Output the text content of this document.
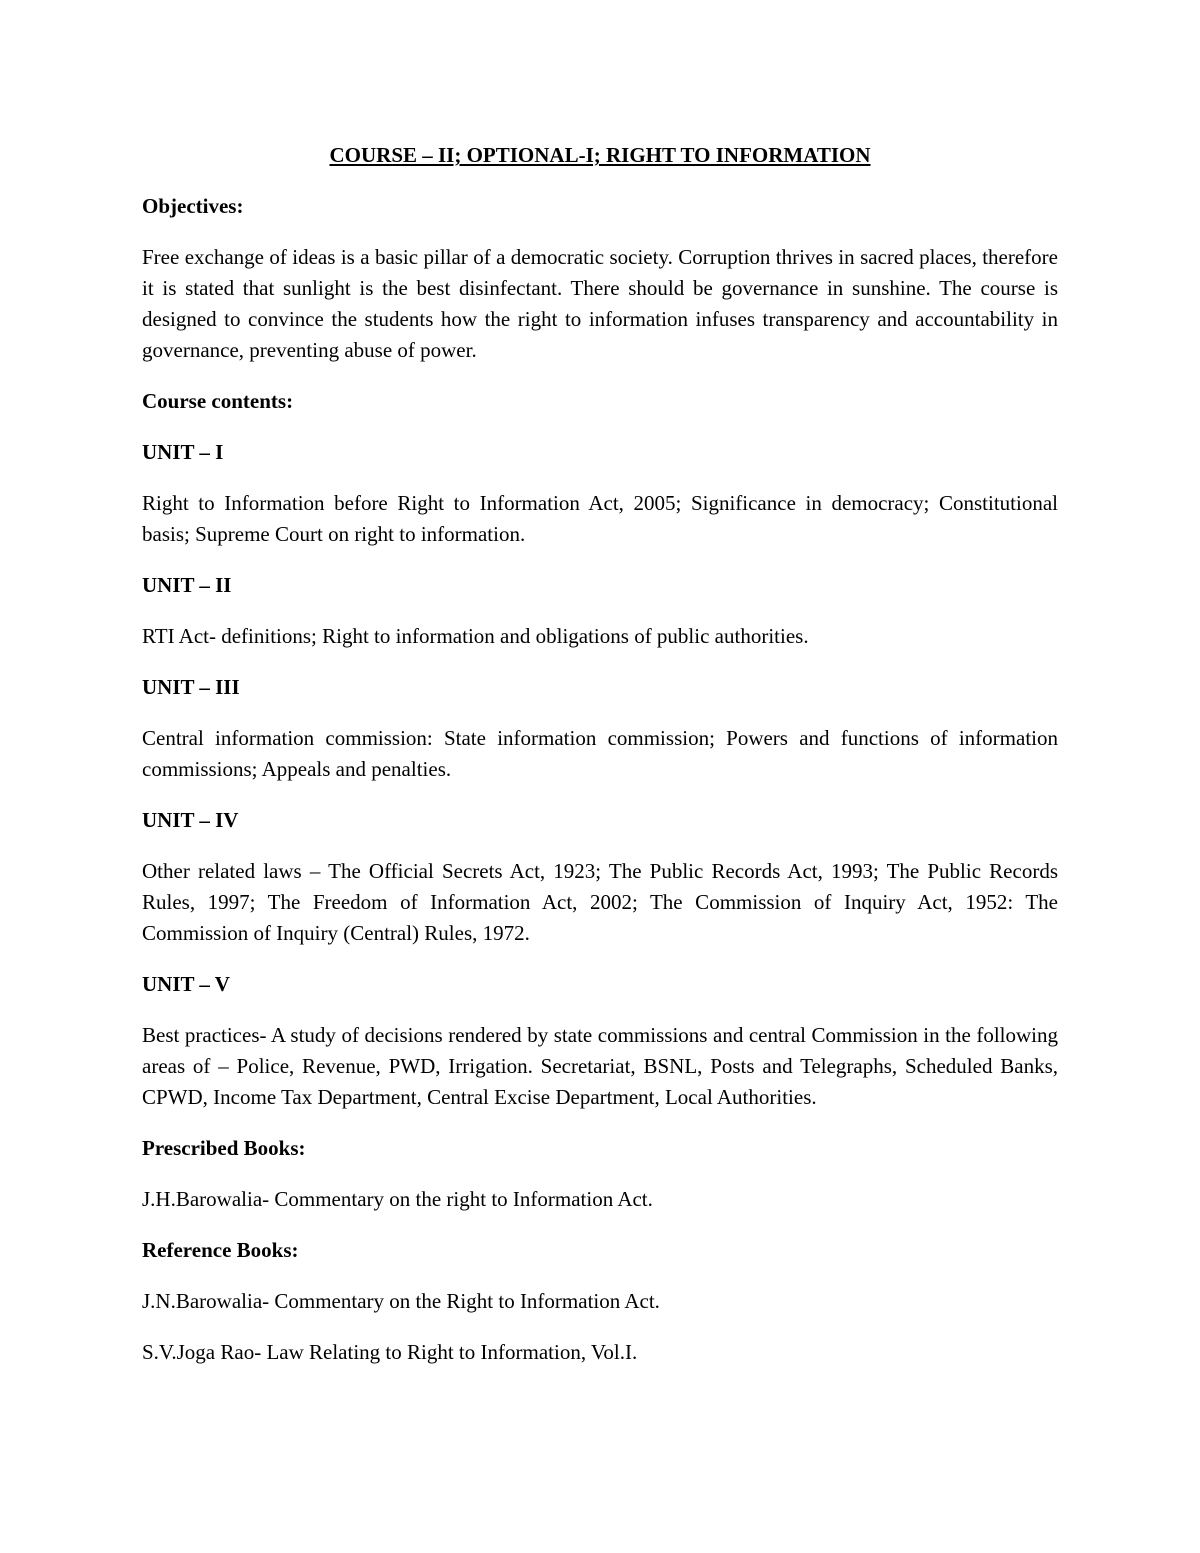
COURSE – II; OPTIONAL-I; RIGHT TO INFORMATION
Objectives:
Free exchange of ideas is a basic pillar of a democratic society. Corruption thrives in sacred places, therefore it is stated that sunlight is the best disinfectant. There should be governance in sunshine. The course is designed to convince the students how the right to information infuses transparency and accountability in governance, preventing abuse of power.
Course contents:
UNIT – I
Right to Information before Right to Information Act, 2005; Significance in democracy; Constitutional basis; Supreme Court on right to information.
UNIT – II
RTI Act- definitions; Right to information and obligations of public authorities.
UNIT – III
Central information commission: State information commission; Powers and functions of information commissions; Appeals and penalties.
UNIT – IV
Other related laws – The Official Secrets Act, 1923; The Public Records Act, 1993; The Public Records Rules, 1997; The Freedom of Information Act, 2002; The Commission of Inquiry Act, 1952: The Commission of Inquiry (Central) Rules, 1972.
UNIT – V
Best practices- A study of decisions rendered by state commissions and central Commission in the following areas of – Police, Revenue, PWD, Irrigation. Secretariat, BSNL, Posts and Telegraphs, Scheduled Banks, CPWD, Income Tax Department, Central Excise Department, Local Authorities.
Prescribed Books:
J.H.Barowalia- Commentary on the right to Information Act.
Reference Books:
J.N.Barowalia- Commentary on the Right to Information Act.
S.V.Joga Rao- Law Relating to Right to Information, Vol.I.
